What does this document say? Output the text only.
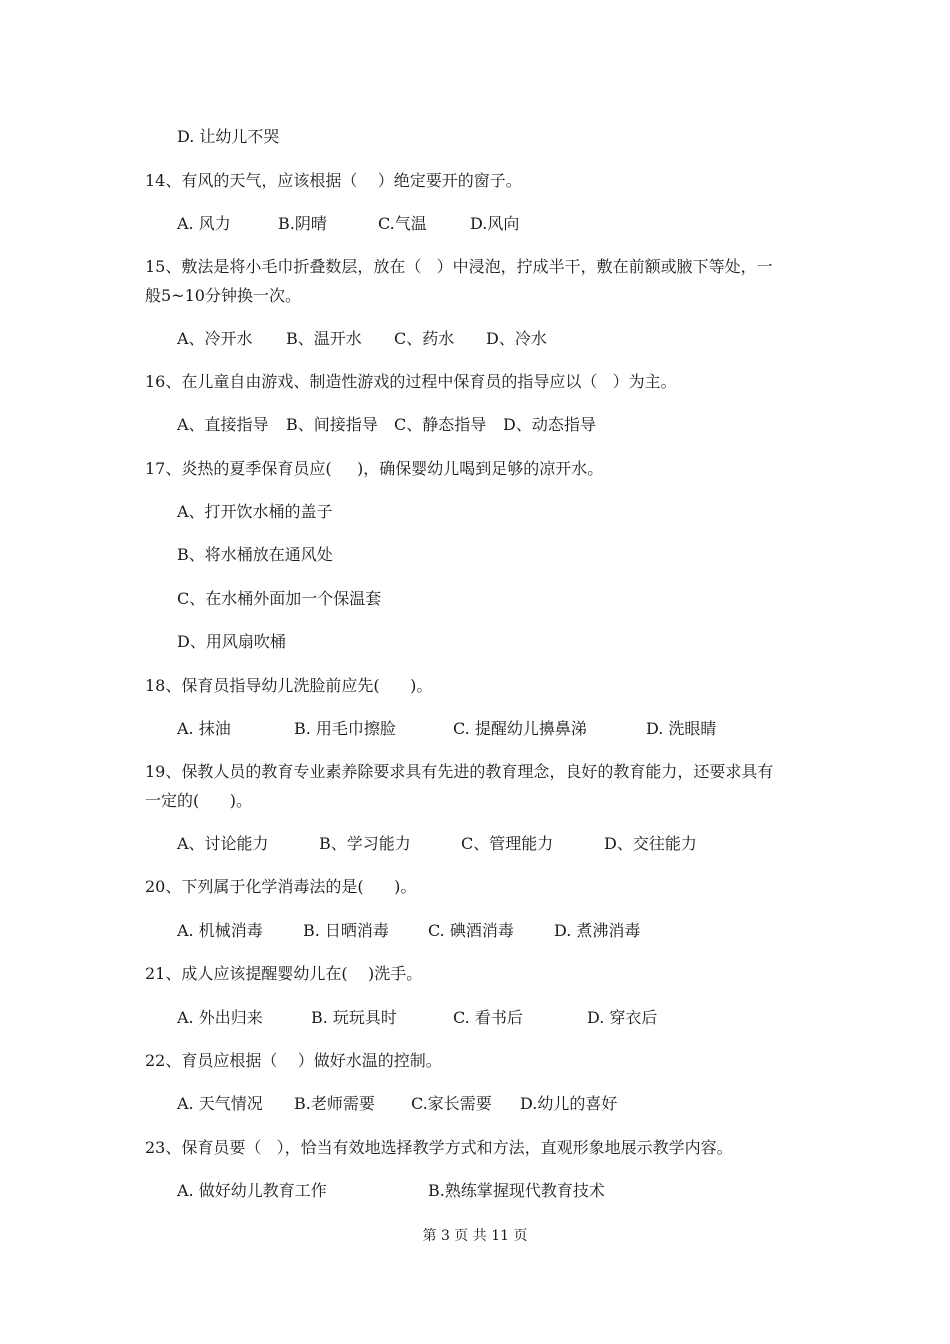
D. 让幼儿不哭
14、有风的天气，应该根据（    ）绝定要开的窗子。

A. 风力

	B.阴晴

	C.气温

	D.风向

15、敷法是将小毛巾折叠数层，放在（   ）中浸泡，拧成半干，敷在前额或腋下等处，一
般5~10分钟换一次。

A、冷开水

B、温开水

C、药水

D、冷水

16、在儿童自由游戏、制造性游戏的过程中保育员的指导应以（   ）为主。

A、直接指导

B、间接指导

C、静态指导

D、动态指导

17、炎热的夏季保育员应(     )，确保婴幼儿喝到足够的凉开水。
A、打开饮水桶的盖子
B、将水桶放在通风处
C、在水桶外面加一个保温套
D、用风扇吹桶
18、保育员指导幼儿洗脸前应先(      )。

A. 抹油

	B. 用毛巾擦脸

	C. 提醒幼儿擤鼻涕

	D. 洗眼睛

19、保教人员的教育专业素养除要求具有先进的教育理念，良好的教育能力，还要求具有
一定的(      )。

A、讨论能力

	B、学习能力

	C、管理能力

	D、交往能力

20、下列属于化学消毒法的是(      )。

A. 机械消毒

	B. 日晒消毒

C. 碘酒消毒

	D. 煮沸消毒

21、成人应该提醒婴幼儿在(    )洗手。

A. 外出归来

	B. 玩玩具时

	C. 看书后

	D. 穿衣后

22、育员应根据（    ）做好水温的控制。

A. 天气情况

B.老师需要

C.家长需要

D.幼儿的喜好

23、保育员要（   ），恰当有效地选择教学方式和方法，直观形象地展示教学内容。

A. 做好幼儿教育工作

	B.熟练掌握现代教育技术

第 3 页 共 11 页
